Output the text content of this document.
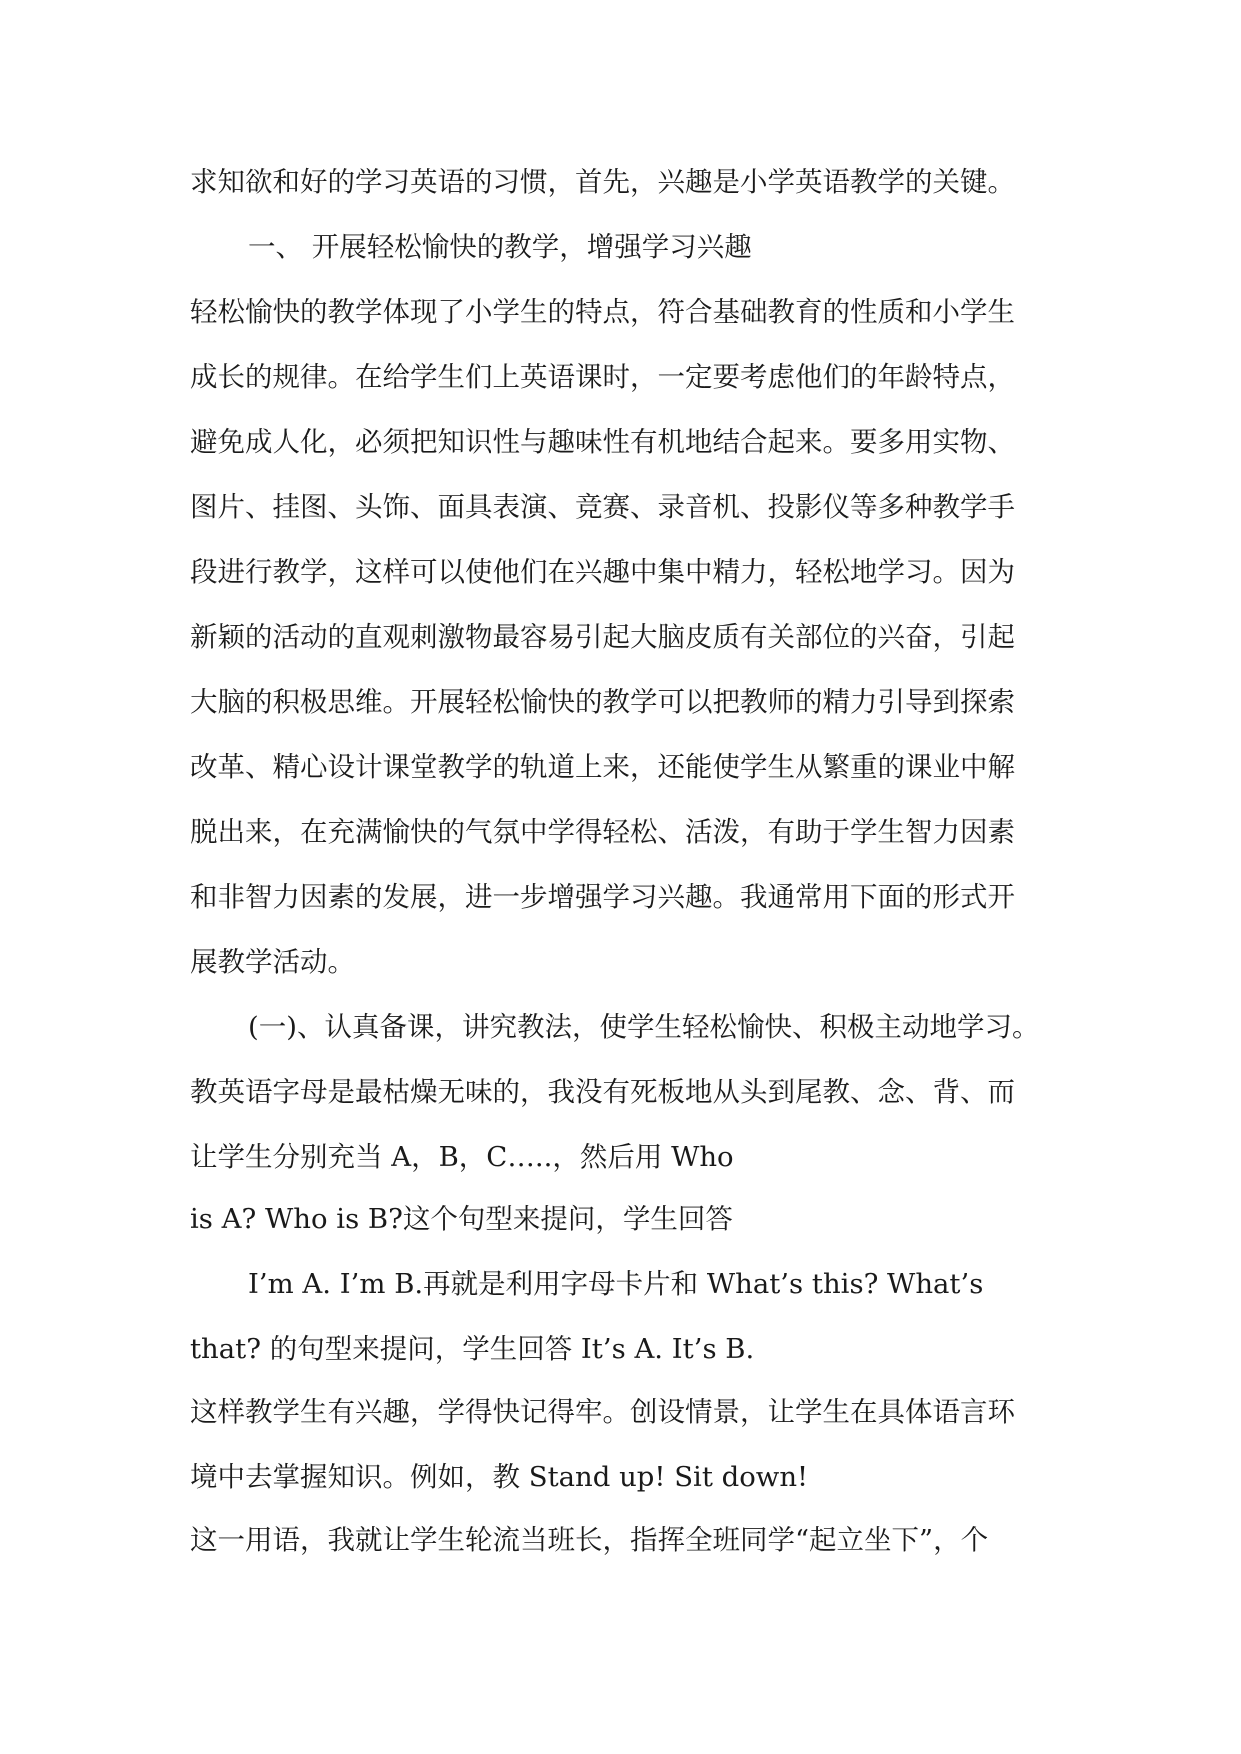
求知欲和好的学习英语的习惯，首先，兴趣是小学英语教学的关键。
一、 开展轻松愉快的教学，增强学习兴趣
轻松愉快的教学体现了小学生的特点，符合基础教育的性质和小学生
成长的规律。在给学生们上英语课时，一定要考虑他们的年龄特点，
避免成人化，必须把知识性与趣味性有机地结合起来。要多用实物、
图片、挂图、头饰、面具表演、竞赛、录音机、投影仪等多种教学手
段进行教学，这样可以使他们在兴趣中集中精力，轻松地学习。因为
新颖的活动的直观刺激物最容易引起大脑皮质有关部位的兴奋，引起
大脑的积极思维。开展轻松愉快的教学可以把教师的精力引导到探索
改革、精心设计课堂教学的轨道上来，还能使学生从繁重的课业中解
脱出来，在充满愉快的气氛中学得轻松、活泼，有助于学生智力因素
和非智力因素的发展，进一步增强学习兴趣。我通常用下面的形式开
展教学活动。
(一)、认真备课，讲究教法，使学生轻松愉快、积极主动地学习。
教英语字母是最枯燥无味的，我没有死板地从头到尾教、念、背、而
让学生分别充当 A，B，C…..，然后用 Who
is A? Who is B?这个句型来提问，学生回答
I’m A. I’m B.再就是利用字母卡片和 What’s this? What’s
that? 的句型来提问，学生回答 It’s A. It’s B.
这样教学生有兴趣，学得快记得牢。创设情景，让学生在具体语言环
境中去掌握知识。例如，教 Stand up! Sit down!
这一用语，我就让学生轮流当班长，指挥全班同学“起立坐下”，个
